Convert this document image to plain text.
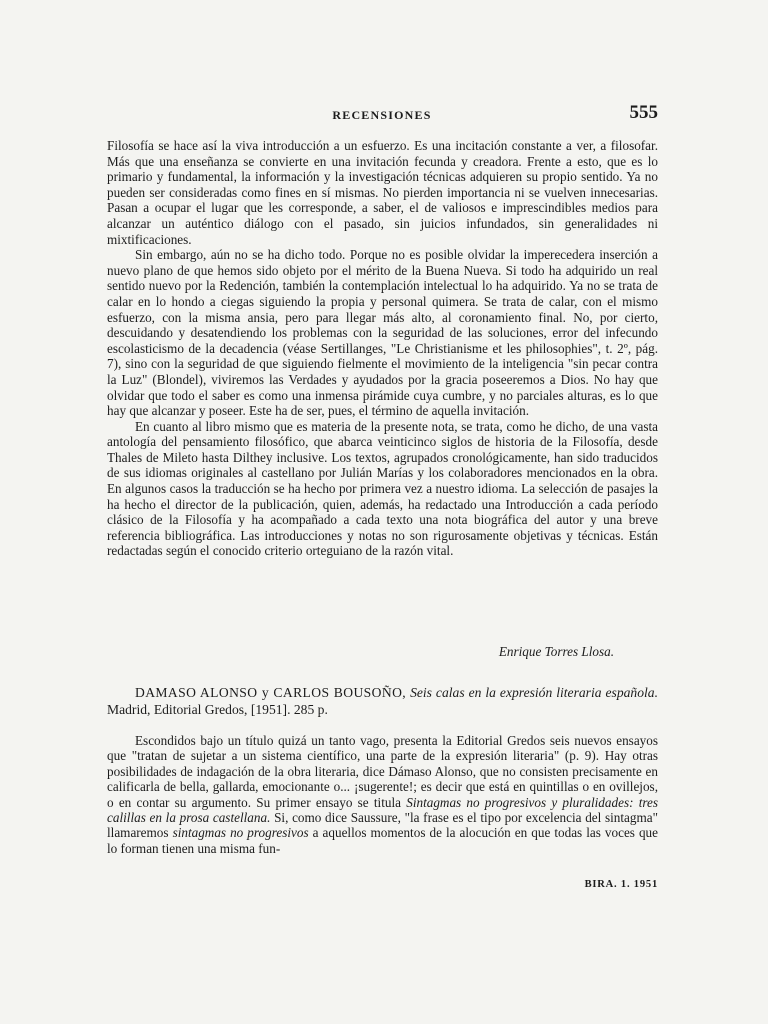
RECENSIONES	555

Filosofía se hace así la viva introducción a un esfuerzo. Es una incitación constante a ver, a filosofar. Más que una enseñanza se convierte en una invitación fecunda y creadora. Frente a esto, que es lo primario y fundamental, la información y la investigación técnicas adquieren su propio sentido. Ya no pueden ser consideradas como fines en sí mismas. No pierden importancia ni se vuelven innecesarias. Pasan a ocupar el lugar que les corresponde, a saber, el de valiosos e imprescindibles medios para alcanzar un auténtico diálogo con el pasado, sin juicios infundados, sin generalidades ni mixtificaciones.

Sin embargo, aún no se ha dicho todo. Porque no es posible olvidar la imperecedera inserción a nuevo plano de que hemos sido objeto por el mérito de la Buena Nueva. Si todo ha adquirido un real sentido nuevo por la Redención, también la contemplación intelectual lo ha adquirido. Ya no se trata de calar en lo hondo a ciegas siguiendo la propia y personal quimera. Se trata de calar, con el mismo esfuerzo, con la misma ansia, pero para llegar más alto, al coronamiento final. No, por cierto, descuidando y desatendiendo los problemas con la seguridad de las soluciones, error del infecundo escolasticismo de la decadencia (véase Sertillanges, "Le Christianisme et les philosophies", t. 2º, pág. 7), sino con la seguridad de que siguiendo fielmente el movimiento de la inteligencia "sin pecar contra la Luz" (Blondel), viviremos las Verdades y ayudados por la gracia poseeremos a Dios. No hay que olvidar que todo el saber es como una inmensa pirámide cuya cumbre, y no parciales alturas, es lo que hay que alcanzar y poseer. Este ha de ser, pues, el término de aquella invitación.

En cuanto al libro mismo que es materia de la presente nota, se trata, como he dicho, de una vasta antología del pensamiento filosófico, que abarca veinticinco siglos de historia de la Filosofía, desde Thales de Mileto hasta Dilthey inclusive. Los textos, agrupados cronológicamente, han sido traducidos de sus idiomas originales al castellano por Julián Marías y los colaboradores mencionados en la obra. En algunos casos la traducción se ha hecho por primera vez a nuestro idioma. La selección de pasajes la ha hecho el director de la publicación, quien, además, ha redactado una Introducción a cada período clásico de la Filosofía y ha acompañado a cada texto una nota biográfica del autor y una breve referencia bibliográfica. Las introducciones y notas no son rigurosamente objetivas y técnicas. Están redactadas según el conocido criterio orteguiano de la razón vital.

Enrique Torres Llosa.
DAMASO ALONSO y CARLOS BOUSOÑO, Seis calas en la expresión literaria española. Madrid, Editorial Gredos, [1951]. 285 p.

Escondidos bajo un título quizá un tanto vago, presenta la Editorial Gredos seis nuevos ensayos que "tratan de sujetar a un sistema científico, una parte de la expresión literaria" (p. 9). Hay otras posibilidades de indagación de la obra literaria, dice Dámaso Alonso, que no consisten precisamente en calificarla de bella, gallarda, emocionante o... ¡sugerente!; es decir que está en quintillas o en ovillejos, o en contar su argumento. Su primer ensayo se titula Sintagmas no progresivos y pluralidades: tres calillas en la prosa castellana. Si, como dice Saussure, "la frase es el tipo por excelencia del sintagma" llamaremos sintagmas no progresivos a aquellos momentos de la alocución en que todas las voces que lo forman tienen una misma fun-

BIRA. 1. 1951
